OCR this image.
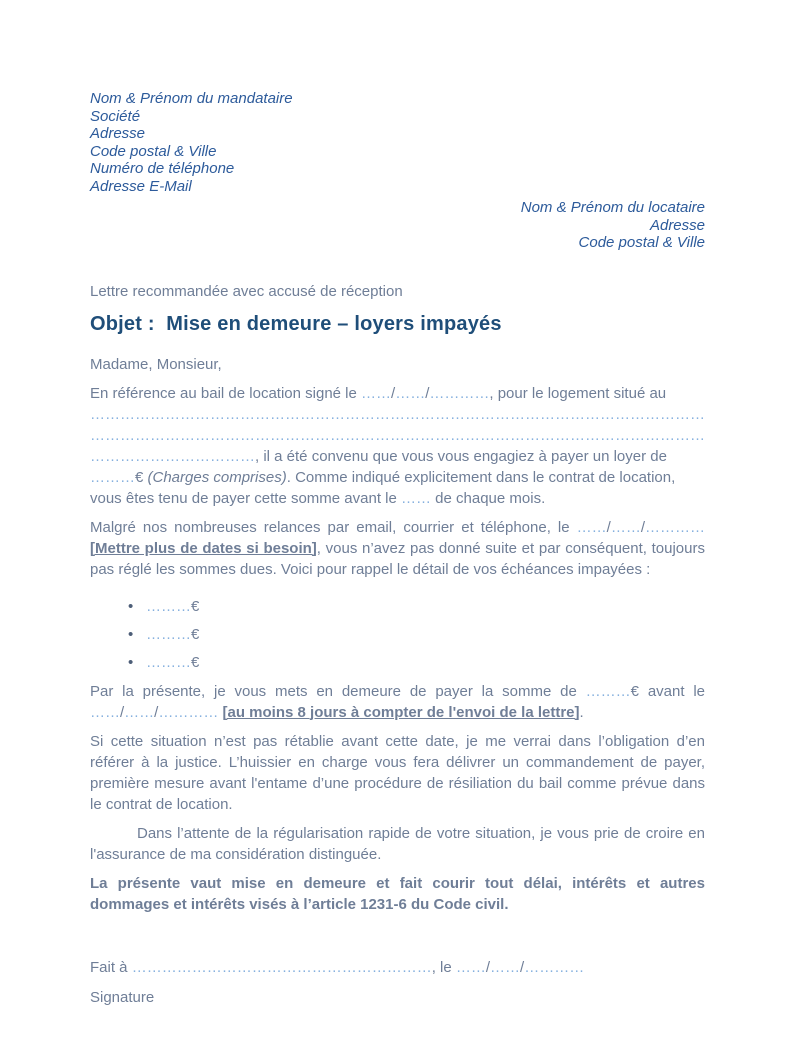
Nom & Prénom du mandataire
Société
Adresse
Code postal & Ville
Numéro de téléphone
Adresse E-Mail
Nom & Prénom du locataire
Adresse
Code postal & Ville

Lettre recommandée avec accusé de réception

Objet :  Mise en demeure – loyers impayés

Madame, Monsieur,

En référence au bail de location signé le ……/……/…………, pour le logement situé au ………………………………………………………………………………………………………………………………………………………………………………………………………………………………………………………, il a été convenu que vous vous engagiez à payer un loyer de ………€ (Charges comprises). Comme indiqué explicitement dans le contrat de location, vous êtes tenu de payer cette somme avant le …… de chaque mois.

Malgré nos nombreuses relances par email, courrier et téléphone, le ……/……/………… [Mettre plus de dates si besoin], vous n’avez pas donné suite et par conséquent, toujours pas réglé les sommes dues. Voici pour rappel le détail de vos échéances impayées :

• ………€
• ………€
• ………€

Par la présente, je vous mets en demeure de payer la somme de ………€ avant le ……/……/………… [au moins 8 jours à compter de l'envoi de la lettre].

Si cette situation n’est pas rétablie avant cette date, je me verrai dans l’obligation d’en référer à la justice. L’huissier en charge vous fera délivrer un commandement de payer, première mesure avant l'entame d’une procédure de résiliation du bail comme prévue dans le contrat de location.

Dans l’attente de la régularisation rapide de votre situation, je vous prie de croire en l'assurance de ma considération distinguée.

La présente vaut mise en demeure et fait courir tout délai, intérêts et autres dommages et intérêts visés à l’article 1231-6 du Code civil.

Fait à ……………………………………………………, le ……/……/…………

Signature
